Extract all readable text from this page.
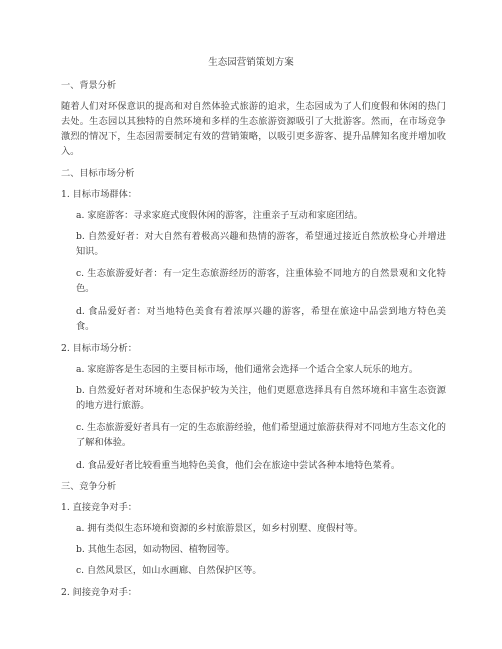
生态园营销策划方案
一、背景分析
随着人们对环保意识的提高和对自然体验式旅游的追求，生态园成为了人们度假和休闲的热门去处。生态园以其独特的自然环境和多样的生态旅游资源吸引了大批游客。然而，在市场竞争激烈的情况下，生态园需要制定有效的营销策略，以吸引更多游客、提升品牌知名度并增加收入。
二、目标市场分析
1. 目标市场群体：
a. 家庭游客：寻求家庭式度假休闲的游客，注重亲子互动和家庭团结。
b. 自然爱好者：对大自然有着极高兴趣和热情的游客，希望通过接近自然放松身心并增进知识。
c. 生态旅游爱好者：有一定生态旅游经历的游客，注重体验不同地方的自然景观和文化特色。
d. 食品爱好者：对当地特色美食有着浓厚兴趣的游客，希望在旅途中品尝到地方特色美食。
2. 目标市场分析：
a. 家庭游客是生态园的主要目标市场，他们通常会选择一个适合全家人玩乐的地方。
b. 自然爱好者对环境和生态保护较为关注，他们更愿意选择具有自然环境和丰富生态资源的地方进行旅游。
c. 生态旅游爱好者具有一定的生态旅游经验，他们希望通过旅游获得对不同地方生态文化的了解和体验。
d. 食品爱好者比较看重当地特色美食，他们会在旅途中尝试各种本地特色菜肴。
三、竞争分析
1. 直接竞争对手：
a. 拥有类似生态环境和资源的乡村旅游景区，如乡村别墅、度假村等。
b. 其他生态园，如动物园、植物园等。
c. 自然风景区，如山水画廊、自然保护区等。
2. 间接竞争对手：
